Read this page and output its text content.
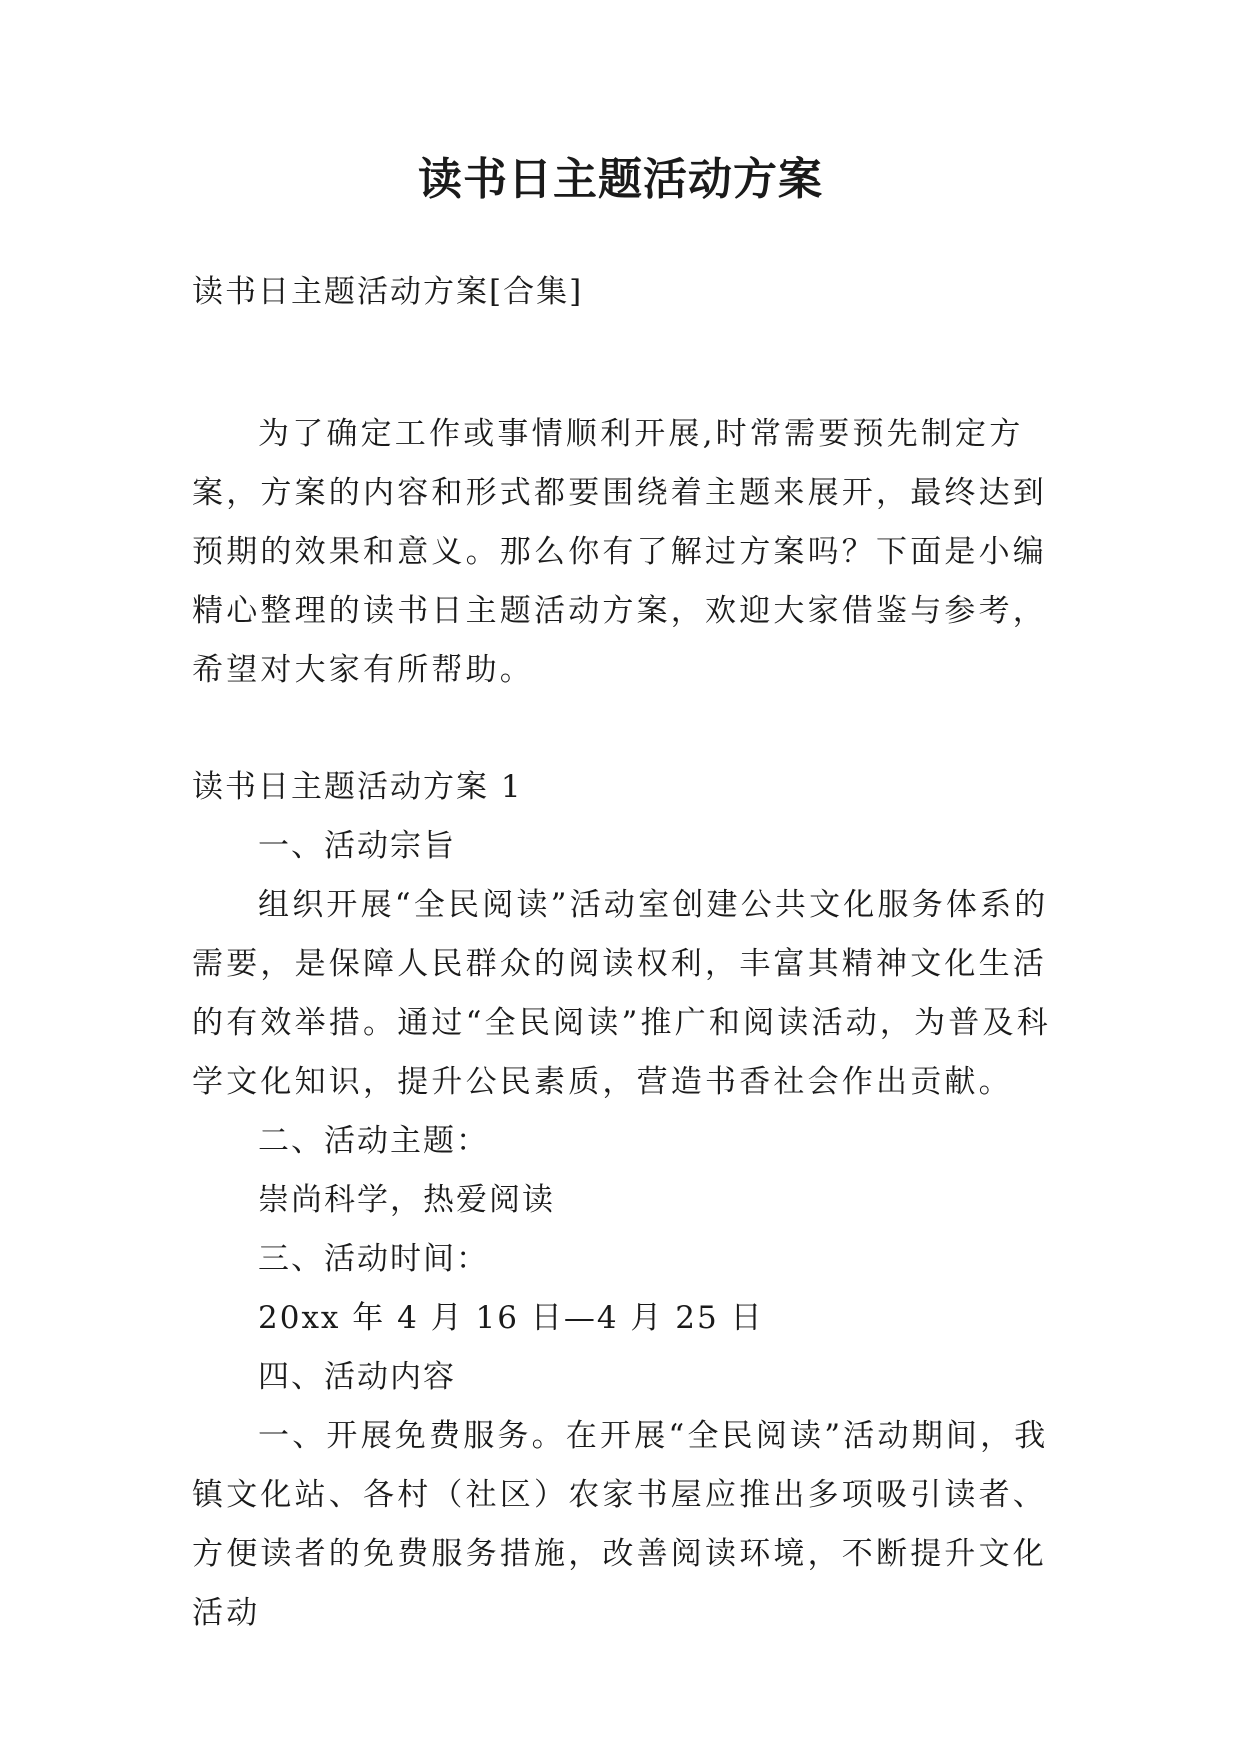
读书日主题活动方案

读书日主题活动方案[合集]

为了确定工作或事情顺利开展,时常需要预先制定方案，方案的内容和形式都要围绕着主题来展开，最终达到预期的效果和意义。那么你有了解过方案吗？下面是小编精心整理的读书日主题活动方案，欢迎大家借鉴与参考，希望对大家有所帮助。

读书日主题活动方案 1

一、活动宗旨

组织开展“全民阅读”活动室创建公共文化服务体系的需要，是保障人民群众的阅读权利，丰富其精神文化生活的有效举措。通过“全民阅读”推广和阅读活动，为普及科学文化知识，提升公民素质，营造书香社会作出贡献。

二、活动主题：

崇尚科学，热爱阅读

三、活动时间：

20xx 年 4 月 16 日—4 月 25 日

四、活动内容

一、开展免费服务。在开展“全民阅读”活动期间，我镇文化站、各村（社区）农家书屋应推出多项吸引读者、方便读者的免费服务措施，改善阅读环境，不断提升文化活动
